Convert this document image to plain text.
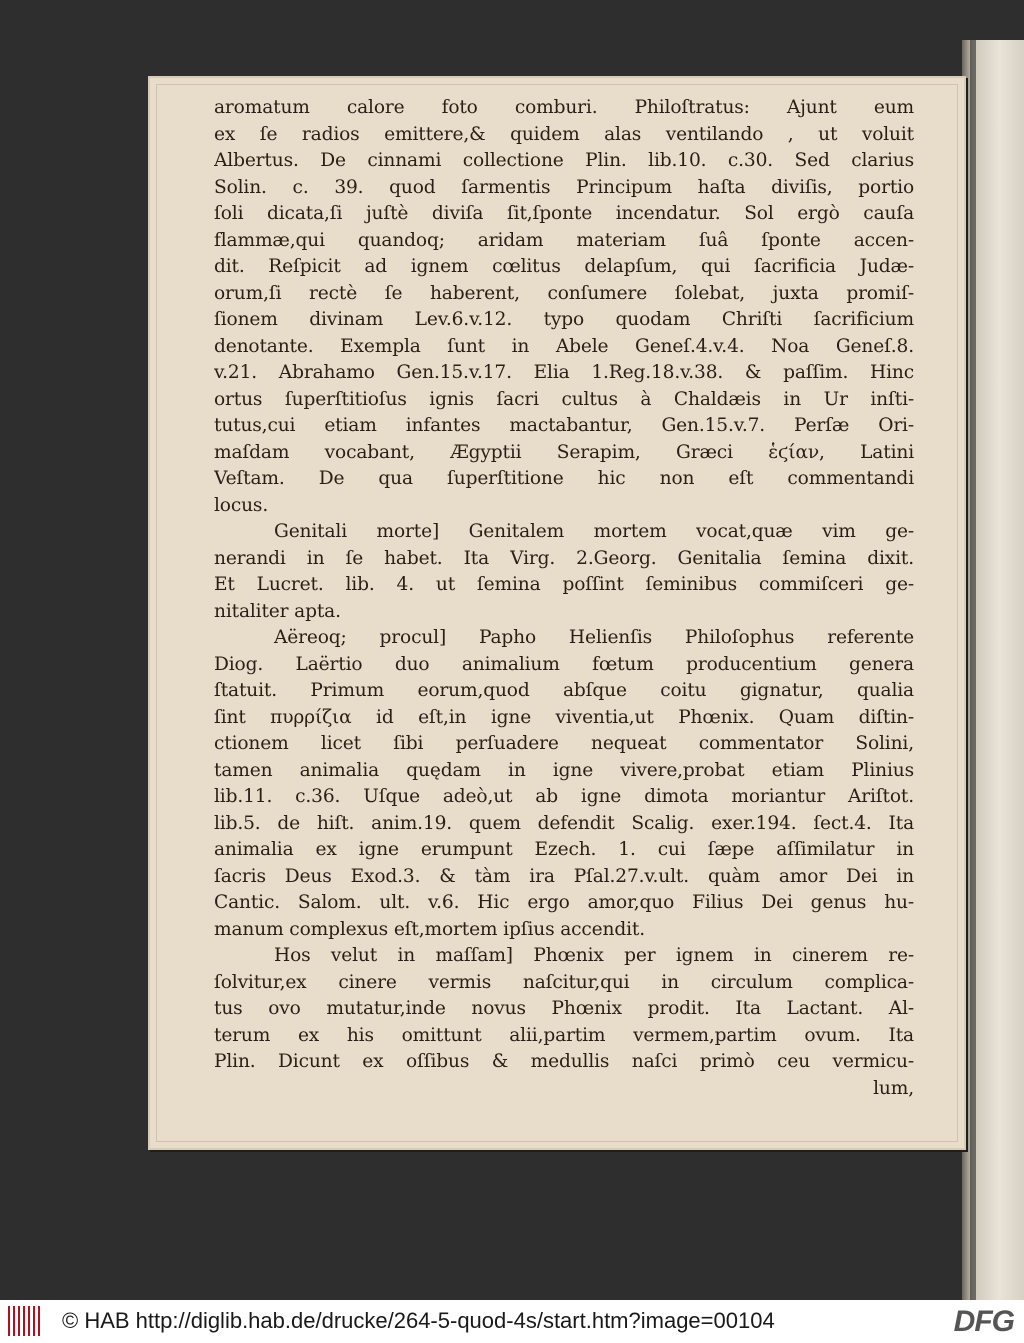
aromatum calore foto comburi. Philoſtratus: Ajunt eum
ex ſe radios emittere,& quidem alas ventilando , ut voluit
Albertus. De cinnami collectione Plin. lib.10. c.30. Sed clarius
Solin. c. 39. quod ſarmentis Principum haſta diviſis, portio
ſoli dicata,ſi juſtè diviſa ſit,ſponte incendatur. Sol ergò cauſa
flammæ,qui quandoq; aridam materiam ſuâ ſponte accen-
dit. Reſpicit ad ignem cœlitus delapſum, qui ſacrificia Judæ-
orum,ſi rectè ſe haberent, conſumere ſolebat, juxta promiſ-
ſionem divinam Lev.6.v.12. typo quodam Chriſti ſacrificium
denotante. Exempla ſunt in Abele Geneſ.4.v.4. Noa Geneſ.8.
v.21. Abrahamo Gen.15.v.17. Elia 1.Reg.18.v.38. & paſſim. Hinc
ortus ſuperſtitioſus ignis ſacri cultus à Chaldæis in Ur inſti-
tutus,cui etiam infantes mactabantur, Gen.15.v.7. Perſæ Ori-
maſdam vocabant, Ægyptii Serapim, Græci ἑϛίαν, Latini
Veſtam. De qua ſuperſtitione hic non eſt commentandi
locus.
Genitali morte] Genitalem mortem vocat,quæ vim ge-
nerandi in ſe habet. Ita Virg. 2.Georg. Genitalia ſemina dixit.
Et Lucret. lib. 4. ut ſemina poſſint ſeminibus commiſceri ge-
nitaliter apta.
Aëreoq; procul] Papho Helienſis Philoſophus referente
Diog. Laërtio duo animalium fœtum producentium genera
ſtatuit. Primum eorum,quod abſque coitu gignatur, qualia
ſint πυρρίζια id eſt,in igne viventia,ut Phœnix. Quam diſtin-
ctionem licet ſibi perſuadere nequeat commentator Solini,
tamen animalia quędam in igne vivere,probat etiam Plinius
lib.11. c.36. Uſque adeò,ut ab igne dimota moriantur Ariſtot.
lib.5. de hiſt. anim.19. quem defendit Scalig. exer.194. ſect.4. Ita
animalia ex igne erumpunt Ezech. 1. cui ſæpe aſſimilatur in
ſacris Deus Exod.3. & tàm ira Pſal.27.v.ult. quàm amor Dei in
Cantic. Salom. ult. v.6. Hic ergo amor,quo Filius Dei genus hu-
manum complexus eſt,mortem ipſius accendit.
Hos velut in maſſam] Phœnix per ignem in cinerem re-
ſolvitur,ex cinere vermis naſcitur,qui in circulum complica-
tus ovo mutatur,inde novus Phœnix prodit. Ita Lactant. Al-
terum ex his omittunt alii,partim vermem,partim ovum. Ita
Plin. Dicunt ex oſſibus & medullis naſci primò ceu vermicu-
lum,
© HAB http://diglib.hab.de/drucke/264-5-quod-4s/start.htm?image=00104	DFG
